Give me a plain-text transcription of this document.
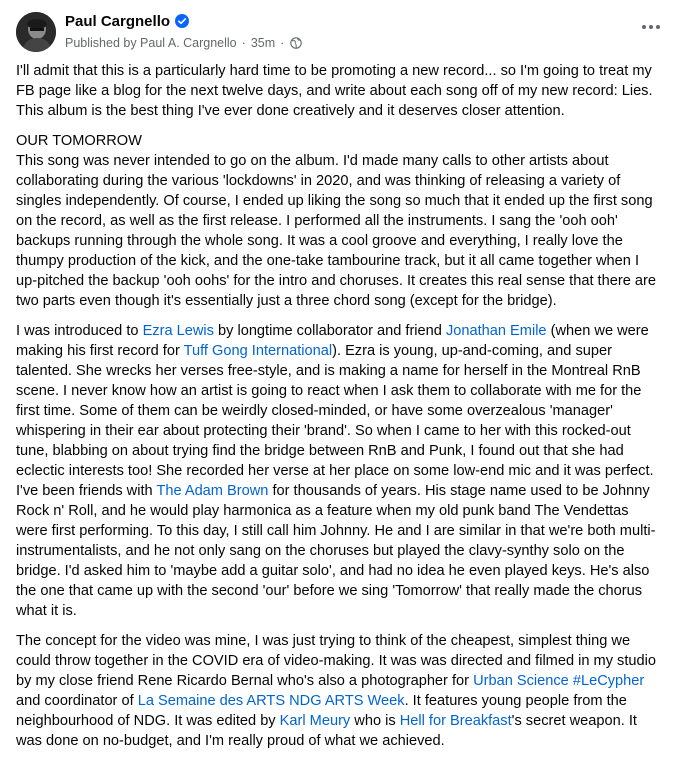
Paul Cargnello
Published by Paul A. Cargnello · 35m ·

I'll admit that this is a particularly hard time to be promoting a new record... so I'm going to treat my FB page like a blog for the next twelve days, and write about each song off of my new record: Lies. This album is the best thing I've ever done creatively and it deserves closer attention.

OUR TOMORROW
This song was never intended to go on the album. I'd made many calls to other artists about collaborating during the various 'lockdowns' in 2020, and was thinking of releasing a variety of singles independently. Of course, I ended up liking the song so much that it ended up the first song on the record, as well as the first release. I performed all the instruments. I sang the 'ooh ooh' backups running through the whole song. It was a cool groove and everything, I really love the thumpy production of the kick, and the one-take tambourine track, but it all came together when I up-pitched the backup 'ooh oohs' for the intro and choruses. It creates this real sense that there are two parts even though it's essentially just a three chord song (except for the bridge).

I was introduced to Ezra Lewis by longtime collaborator and friend Jonathan Emile (when we were making his first record for Tuff Gong International). Ezra is young, up-and-coming, and super talented. She wrecks her verses free-style, and is making a name for herself in the Montreal RnB scene. I never know how an artist is going to react when I ask them to collaborate with me for the first time. Some of them can be weirdly closed-minded, or have some overzealous 'manager' whispering in their ear about protecting their 'brand'. So when I came to her with this rocked-out tune, blabbing on about trying find the bridge between RnB and Punk, I found out that she had eclectic interests too! She recorded her verse at her place on some low-end mic and it was perfect. I've been friends with The Adam Brown for thousands of years. His stage name used to be Johnny Rock n' Roll, and he would play harmonica as a feature when my old punk band The Vendettas were first performing. To this day, I still call him Johnny. He and I are similar in that we're both multi-instrumentalists, and he not only sang on the choruses but played the clavy-synthy solo on the bridge. I'd asked him to 'maybe add a guitar solo', and had no idea he even played keys. He's also the one that came up with the second 'our' before we sing 'Tomorrow' that really made the chorus what it is.

The concept for the video was mine, I was just trying to think of the cheapest, simplest thing we could throw together in the COVID era of video-making. It was was directed and filmed in my studio by my close friend Rene Ricardo Bernal who's also a photographer for Urban Science #LeCypher and coordinator of La Semaine des ARTS NDG ARTS Week. It features young people from the neighbourhood of NDG. It was edited by Karl Meury who is Hell for Breakfast's secret weapon. It was done on no-budget, and I'm really proud of what we achieved.
